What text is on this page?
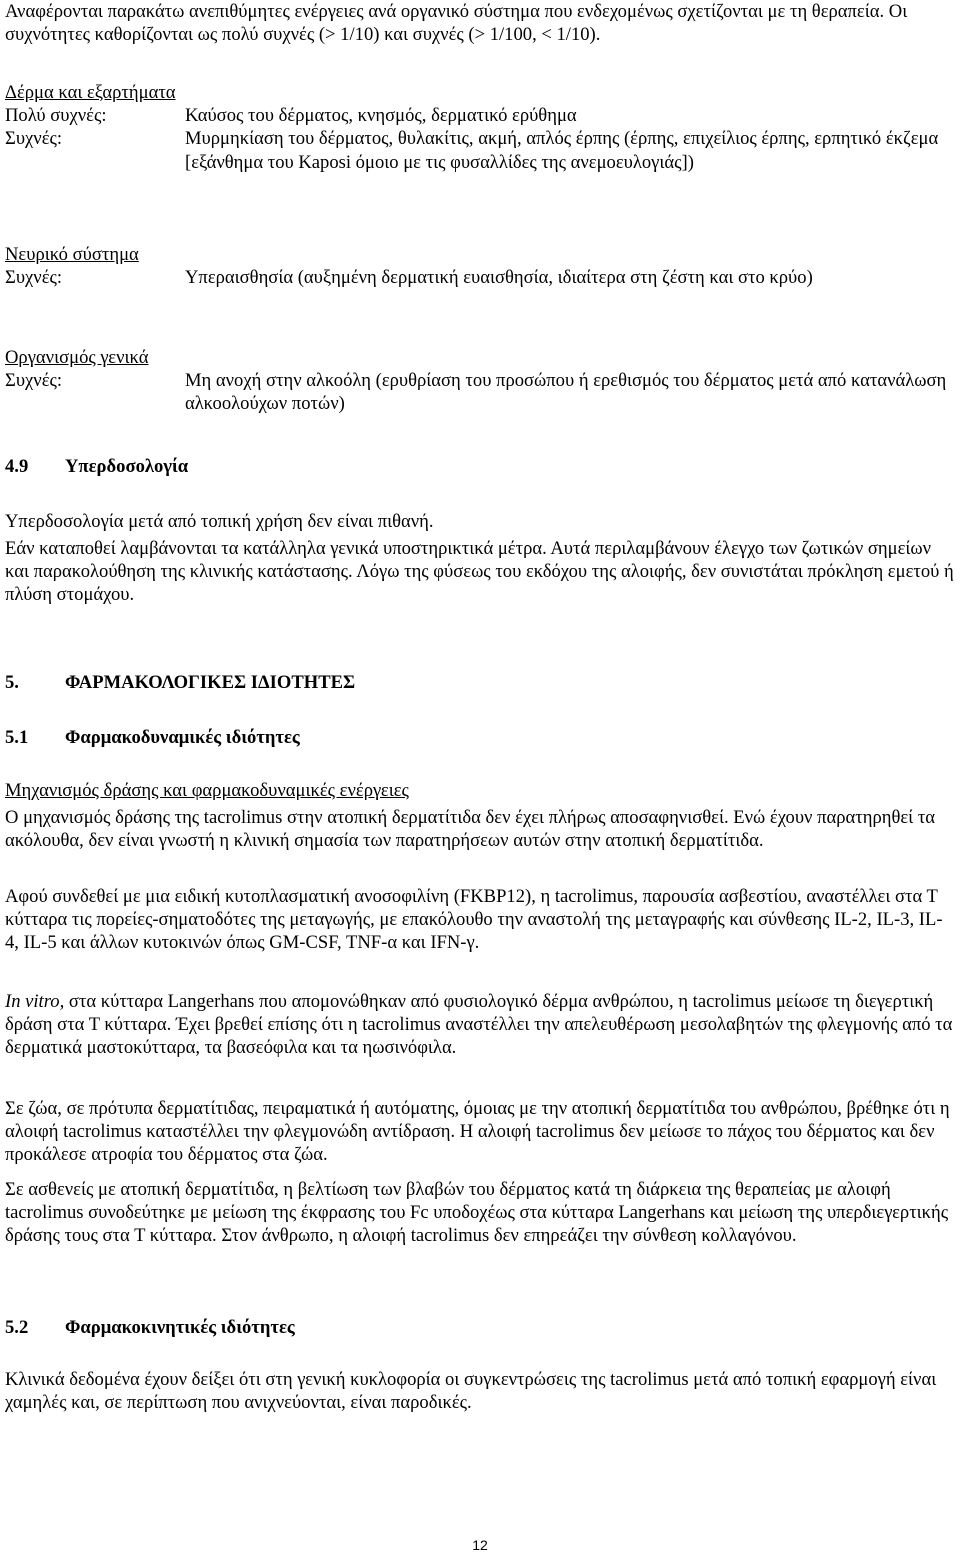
Αναφέρονται παρακάτω ανεπιθύμητες ενέργειες ανά οργανικό σύστημα που ενδεχομένως σχετίζονται με τη θεραπεία. Οι συχνότητες καθορίζονται ως πολύ συχνές (> 1/10) και συχνές (> 1/100, < 1/10).

Δέρμα και εξαρτήματα

Πολύ συχνές:	Καύσος του δέρματος, κνησμός, δερματικό ερύθημα
Συχνές:	Μυρμηκίαση του δέρματος, θυλακίτις, ακμή, απλός έρπης (έρπης, επιχείλιος έρπης, ερπητικό έκζεμα [εξάνθημα του Kaposi όμοιο με τις φυσαλλίδες της ανεμοευλογιάς])

Νευρικό σύστημα

Συχνές:	Υπεραισθησία (αυξημένη δερματική ευαισθησία, ιδιαίτερα στη ζέστη και στο κρύο)

Οργανισμός γενικά

Συχνές:	Μη ανοχή στην αλκοόλη (ερυθρίαση του προσώπου ή ερεθισμός του δέρματος μετά από κατανάλωση αλκοολούχων ποτών)

4.9 Υπερδοσολογία

Υπερδοσολογία μετά από τοπική χρήση δεν είναι πιθανή.

Εάν καταποθεί λαμβάνονται τα κατάλληλα γενικά υποστηρικτικά μέτρα. Αυτά περιλαμβάνουν έλεγχο των ζωτικών σημείων και παρακολούθηση της κλινικής κατάστασης. Λόγω της φύσεως του εκδόχου της αλοιφής, δεν συνιστάται πρόκληση εμετού ή πλύση στομάχου.

5. ΦΑΡΜΑΚΟΛΟΓΙΚΕΣ ΙΔΙΟΤΗΤΕΣ

5.1 Φαρμακοδυναμικές ιδιότητες

Μηχανισμός δράσης και φαρμακοδυναμικές ενέργειες

Ο μηχανισμός δράσης της tacrolimus στην ατοπική δερματίτιδα δεν έχει πλήρως αποσαφηνισθεί. Ενώ έχουν παρατηρηθεί τα ακόλουθα, δεν είναι γνωστή η κλινική σημασία των παρατηρήσεων αυτών στην ατοπική δερματίτιδα.

Αφού συνδεθεί με μια ειδική κυτοπλασματική ανοσοφιλίνη (FKBP12), η tacrolimus, παρουσία ασβεστίου, αναστέλλει στα Τ κύτταρα τις πορείες-σηματοδότες της μεταγωγής, με επακόλουθο την αναστολή της μεταγραφής και σύνθεσης IL-2, IL-3, IL-4, IL-5 και άλλων κυτοκινών όπως GM-CSF, TNF-α και IFN-γ.

In vitro, στα κύτταρα Langerhans που απομονώθηκαν από φυσιολογικό δέρμα ανθρώπου, η tacrolimus μείωσε τη διεγερτική δράση στα Τ κύτταρα. Έχει βρεθεί επίσης ότι η tacrolimus αναστέλλει την απελευθέρωση μεσολαβητών της φλεγμονής από τα δερματικά μαστοκύτταρα, τα βασεόφιλα και τα ηωσινόφιλα.

Σε ζώα, σε πρότυπα δερματίτιδας, πειραματικά ή αυτόματης, όμοιας με την ατοπική δερματίτιδα του ανθρώπου, βρέθηκε ότι η αλοιφή tacrolimus καταστέλλει την φλεγμονώδη αντίδραση. Η αλοιφή tacrolimus δεν μείωσε το πάχος του δέρματος και δεν προκάλεσε ατροφία του δέρματος στα ζώα.

Σε ασθενείς με ατοπική δερματίτιδα, η βελτίωση των βλαβών του δέρματος κατά τη διάρκεια της θεραπείας με αλοιφή tacrolimus συνοδεύτηκε με μείωση της έκφρασης του Fc υποδοχέως στα κύτταρα Langerhans και μείωση της υπερδιεγερτικής δράσης τους στα Τ κύτταρα. Στον άνθρωπο, η αλοιφή tacrolimus δεν επηρεάζει την σύνθεση κολλαγόνου.

5.2 Φαρμακοκινητικές ιδιότητες

Κλινικά δεδομένα έχουν δείξει ότι στη γενική κυκλοφορία οι συγκεντρώσεις της tacrolimus μετά από τοπική εφαρμογή είναι χαμηλές και, σε περίπτωση που ανιχνεύονται, είναι παροδικές.

12
